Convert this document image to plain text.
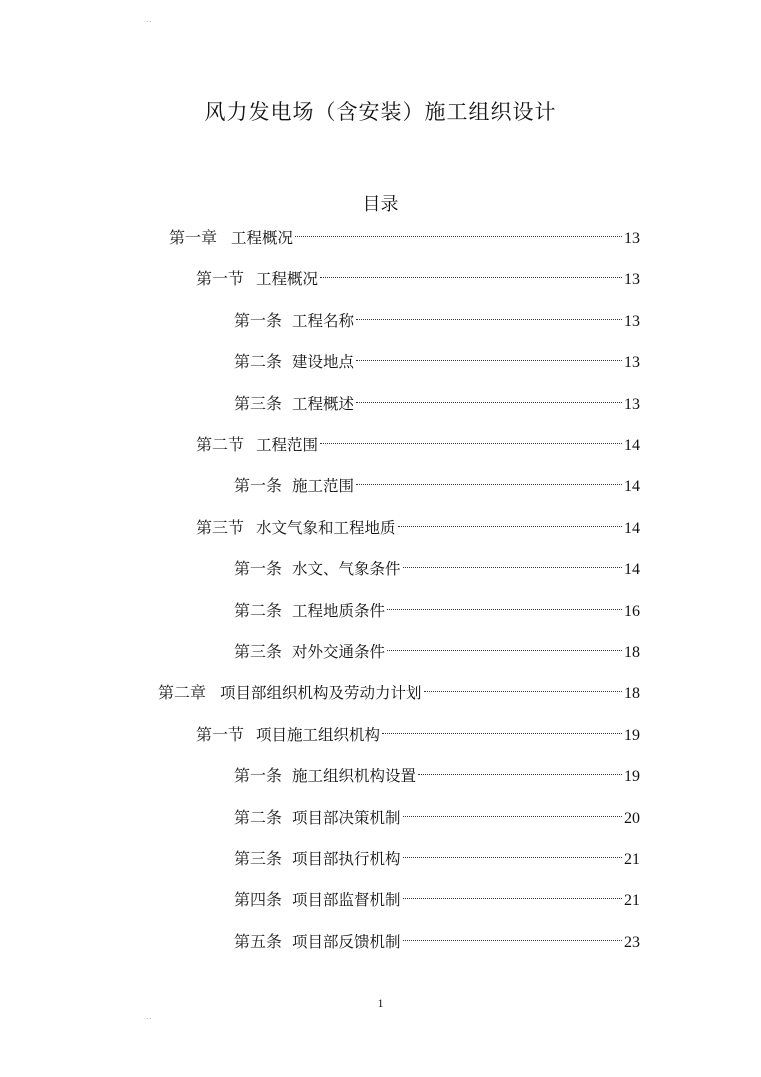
..
风力发电场（含安装）施工组织设计
目录
第一章 工程概况	13
第一节 工程概况	13
第一条 工程名称	13
第二条 建设地点	13
第三条 工程概述	13
第二节 工程范围	14
第一条 施工范围	14
第三节 水文气象和工程地质	14
第一条 水文、气象条件	14
第二条 工程地质条件	16
第三条 对外交通条件	18
第二章 项目部组织机构及劳动力计划	18
第一节 项目施工组织机构	19
第一条 施工组织机构设置	19
第二条 项目部决策机制	20
第三条 项目部执行机构	21
第四条 项目部监督机制	21
第五条 项目部反馈机制	23
1
..
